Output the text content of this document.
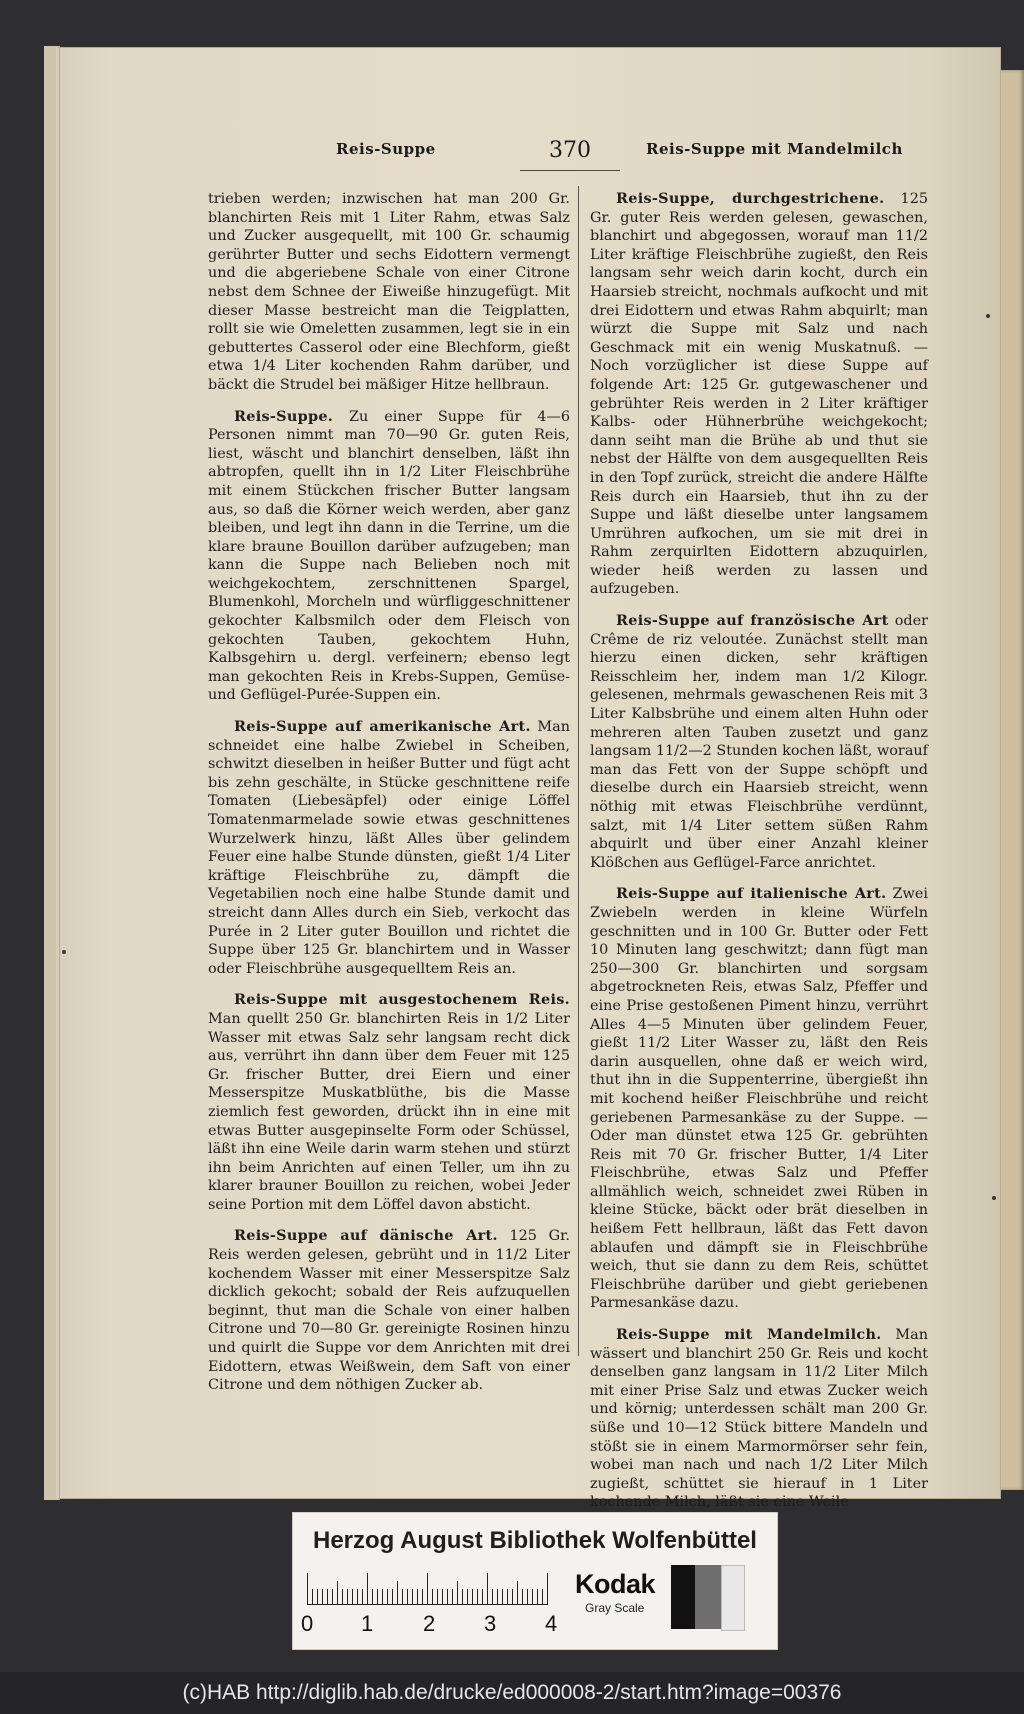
Reis-Suppe	370	Reis-Suppe mit Mandelmilch

trieben werden; inzwischen hat man 200 Gr. blanchirten Reis mit 1 Liter Rahm, etwas Salz und Zucker ausgequellt, mit 100 Gr. schaumig gerührter Butter und sechs Eidottern vermengt und die abgeriebene Schale von einer Citrone nebst dem Schnee der Eiweiße hinzugefügt. Mit dieser Masse bestreicht man die Teigplatten, rollt sie wie Omeletten zusammen, legt sie in ein gebuttertes Casserol oder eine Blechform, gießt etwa 1/4 Liter kochenden Rahm darüber, und bäckt die Strudel bei mäßiger Hitze hellbraun.

Reis-Suppe. Zu einer Suppe für 4—6 Personen nimmt man 70—90 Gr. guten Reis, liest, wäscht und blanchirt denselben, läßt ihn abtropfen, quellt ihn in 1/2 Liter Fleischbrühe mit einem Stückchen frischer Butter langsam aus, so daß die Körner weich werden, aber ganz bleiben, und legt ihn dann in die Terrine, um die klare braune Bouillon darüber aufzugeben; man kann die Suppe nach Belieben noch mit weichgekochtem, zerschnittenen Spargel, Blumenkohl, Morcheln und würfliggeschnittener gekochter Kalbsmilch oder dem Fleisch von gekochten Tauben, gekochtem Huhn, Kalbsgehirn u. dergl. verfeinern; ebenso legt man gekochten Reis in Krebs-Suppen, Gemüse- und Geflügel-Purée-Suppen ein.

Reis-Suppe auf amerikanische Art. Man schneidet eine halbe Zwiebel in Scheiben, schwitzt dieselben in heißer Butter und fügt acht bis zehn geschälte, in Stücke geschnittene reife Tomaten (Liebesäpfel) oder einige Löffel Tomatenmarmelade sowie etwas geschnittenes Wurzelwerk hinzu, läßt Alles über gelindem Feuer eine halbe Stunde dünsten, gießt 1/4 Liter kräftige Fleischbrühe zu, dämpft die Vegetabilien noch eine halbe Stunde damit und streicht dann Alles durch ein Sieb, verkocht das Purée in 2 Liter guter Bouillon und richtet die Suppe über 125 Gr. blanchirtem und in Wasser oder Fleischbrühe ausgequelltem Reis an.

Reis-Suppe mit ausgestochenem Reis. Man quellt 250 Gr. blanchirten Reis in 1/2 Liter Wasser mit etwas Salz sehr langsam recht dick aus, verrührt ihn dann über dem Feuer mit 125 Gr. frischer Butter, drei Eiern und einer Messerspitze Muskatblüthe, bis die Masse ziemlich fest geworden, drückt ihn in eine mit etwas Butter ausgepinselte Form oder Schüssel, läßt ihn eine Weile darin warm stehen und stürzt ihn beim Anrichten auf einen Teller, um ihn zu klarer brauner Bouillon zu reichen, wobei Jeder seine Portion mit dem Löffel davon absticht.

Reis-Suppe auf dänische Art. 125 Gr. Reis werden gelesen, gebrüht und in 11/2 Liter kochendem Wasser mit einer Messerspitze Salz dicklich gekocht; sobald der Reis aufzuquellen beginnt, thut man die Schale von einer halben Citrone und 70—80 Gr. gereinigte Rosinen hinzu und quirlt die Suppe vor dem Anrichten mit drei Eidottern, etwas Weißwein, dem Saft von einer Citrone und dem nöthigen Zucker ab.

Reis-Suppe, durchgestrichene. 125 Gr. guter Reis werden gelesen, gewaschen, blanchirt und abgegossen, worauf man 11/2 Liter kräftige Fleischbrühe zugießt, den Reis langsam sehr weich darin kocht, durch ein Haarsieb streicht, nochmals aufkocht und mit drei Eidottern und etwas Rahm abquirlt; man würzt die Suppe mit Salz und nach Geschmack mit ein wenig Muskatnuß. — Noch vorzüglicher ist diese Suppe auf folgende Art: 125 Gr. gutgewaschener und gebrühter Reis werden in 2 Liter kräftiger Kalbs- oder Hühnerbrühe weichgekocht; dann seiht man die Brühe ab und thut sie nebst der Hälfte von dem ausgequellten Reis in den Topf zurück, streicht die andere Hälfte Reis durch ein Haarsieb, thut ihn zu der Suppe und läßt dieselbe unter langsamem Umrühren aufkochen, um sie mit drei in Rahm zerquirlten Eidottern abzuquirlen, wieder heiß werden zu lassen und aufzugeben.

Reis-Suppe auf französische Art oder Crême de riz veloutée. Zunächst stellt man hierzu einen dicken, sehr kräftigen Reisschleim her, indem man 1/2 Kilogr. gelesenen, mehrmals gewaschenen Reis mit 3 Liter Kalbsbrühe und einem alten Huhn oder mehreren alten Tauben zusetzt und ganz langsam 11/2—2 Stunden kochen läßt, worauf man das Fett von der Suppe schöpft und dieselbe durch ein Haarsieb streicht, wenn nöthig mit etwas Fleischbrühe verdünnt, salzt, mit 1/4 Liter settem süßen Rahm abquirlt und über einer Anzahl kleiner Klößchen aus Geflügel-Farce anrichtet.

Reis-Suppe auf italienische Art. Zwei Zwiebeln werden in kleine Würfeln geschnitten und in 100 Gr. Butter oder Fett 10 Minuten lang geschwitzt; dann fügt man 250—300 Gr. blanchirten und sorgsam abgetrockneten Reis, etwas Salz, Pfeffer und eine Prise gestoßenen Piment hinzu, verrührt Alles 4—5 Minuten über gelindem Feuer, gießt 11/2 Liter Wasser zu, läßt den Reis darin ausquellen, ohne daß er weich wird, thut ihn in die Suppenterrine, übergießt ihn mit kochend heißer Fleischbrühe und reicht geriebenen Parmesankäse zu der Suppe. — Oder man dünstet etwa 125 Gr. gebrühten Reis mit 70 Gr. frischer Butter, 1/4 Liter Fleischbrühe, etwas Salz und Pfeffer allmählich weich, schneidet zwei Rüben in kleine Stücke, bäckt oder brät dieselben in heißem Fett hellbraun, läßt das Fett davon ablaufen und dämpft sie in Fleischbrühe weich, thut sie dann zu dem Reis, schüttet Fleischbrühe darüber und giebt geriebenen Parmesankäse dazu.

Reis-Suppe mit Mandelmilch. Man wässert und blanchirt 250 Gr. Reis und kocht denselben ganz langsam in 11/2 Liter Milch mit einer Prise Salz und etwas Zucker weich und körnig; unterdessen schält man 200 Gr. süße und 10—12 Stück bittere Mandeln und stößt sie in einem Marmormörser sehr fein, wobei man nach und nach 1/2 Liter Milch zugießt, schüttet sie hierauf in 1 Liter kochende Milch, läßt sie eine Weile

Herzog August Bibliothek Wolfenbüttel
0 1 2 3 4
Kodak
Gray Scale
(c)HAB http://diglib.hab.de/drucke/ed000008-2/start.htm?image=00376
